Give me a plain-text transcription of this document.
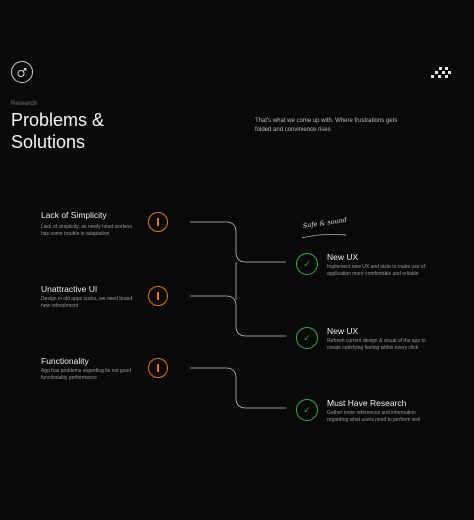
Research
Problems &
Solutions
That's what we come up with. Where frustrations gets folded and convinience rises
Lack of Simplicity
Lack of simplicity, as newly hired workers has some trouble in adaptation
Unattractive UI
Design in old apps sucks, we need brand new refreshment
Functionality
App has problems regarding its not good functionality performance
Safe & sound
✓
New UX
Implement new UX and etcie to make use of application more comfortable and reliable
✓
New UX
Refresh current design & visual of the app to create satisfying feeling within every click
✓
Must Have Research
Gather more references and information regarding what users need to perform well
